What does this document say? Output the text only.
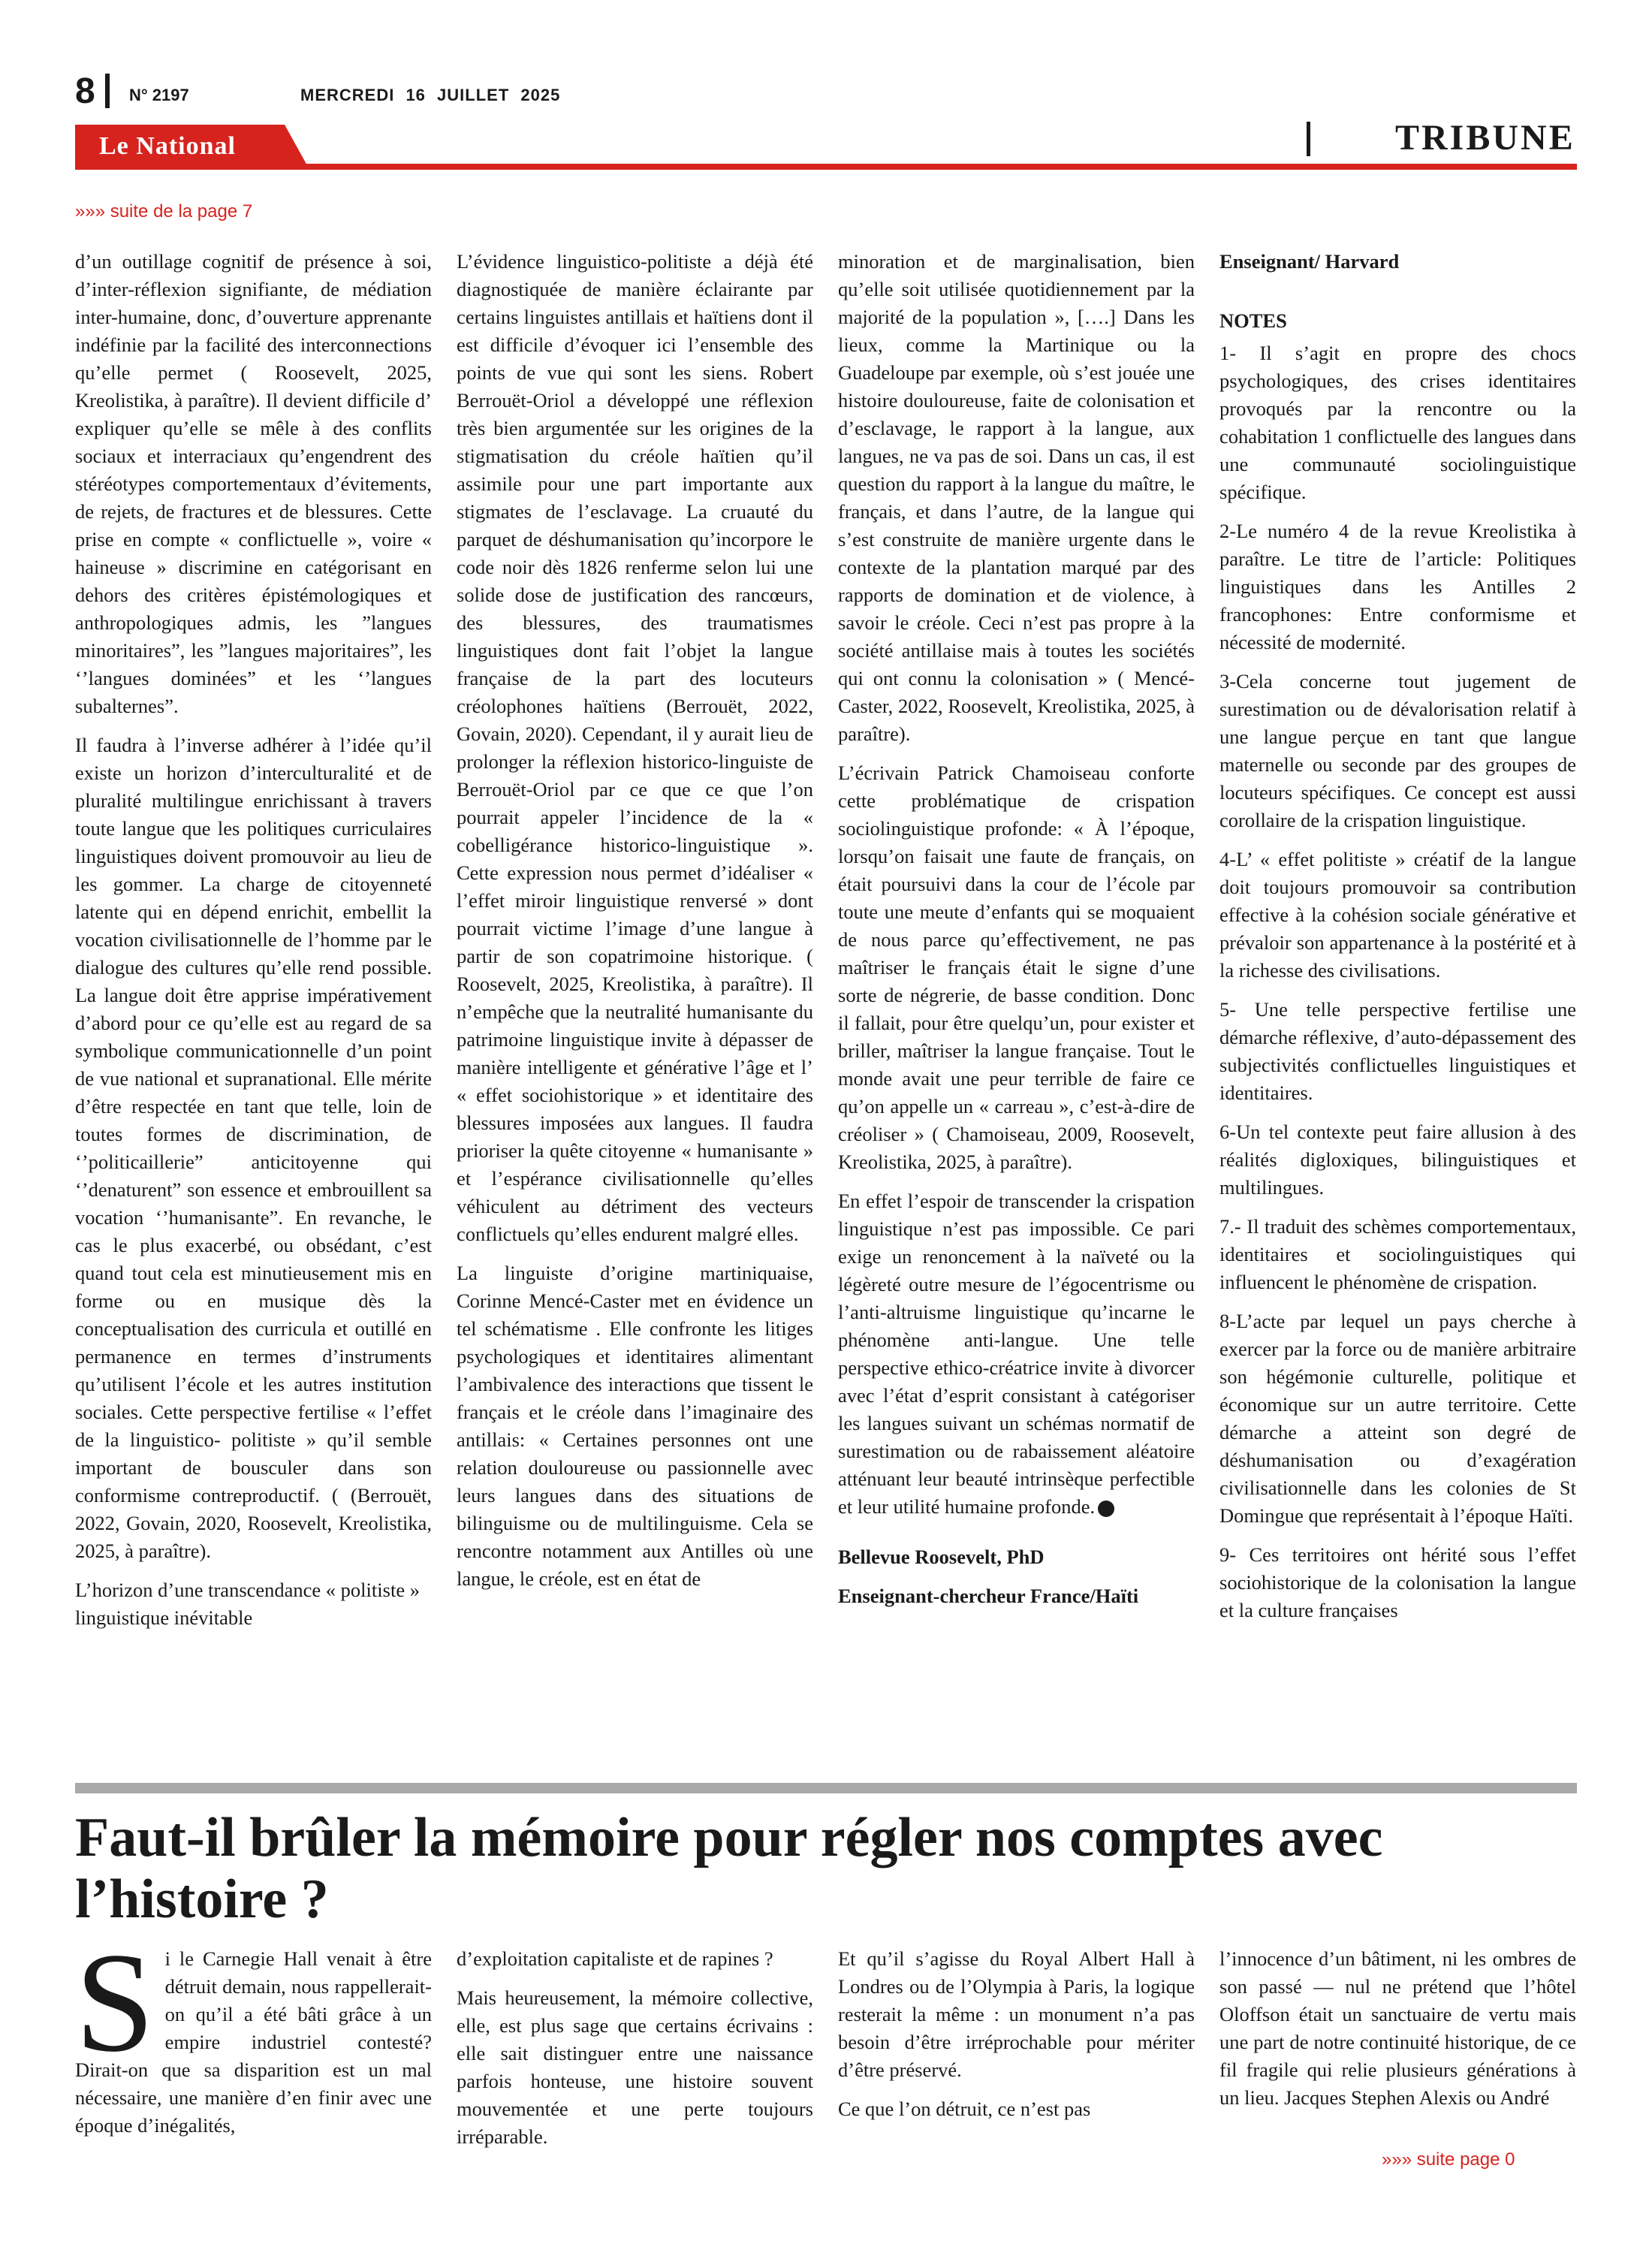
8 N° 2197	MERCREDI 16 JUILLET 2025
Le National	TRIBUNE
»»» suite de la page 7

d’un outillage cognitif de présence à soi, d’inter-réflexion signifiante, de médiation inter-humaine, donc, d’ouverture apprenante indéfinie par la facilité des interconnections qu’elle permet ( Roosevelt, 2025, Kreolistika, à paraître). Il devient difficile d’ expliquer qu’elle se mêle à des conflits sociaux et interraciaux qu’engendrent des stéréotypes comportementaux d’évitements, de rejets, de fractures et de blessures. Cette prise en compte « conflictuelle », voire « haineuse » discrimine en catégorisant en dehors des critères épistémologiques et anthropologiques admis, les ”langues minoritaires”, les ”langues majoritaires”, les ‘’langues dominées” et les ‘’langues subalternes”.

Il faudra à l’inverse adhérer à l’idée qu’il existe un horizon d’interculturalité et de pluralité multilingue enrichissant à travers toute langue que les politiques curriculaires linguistiques doivent promouvoir au lieu de les gommer. La charge de citoyenneté latente qui en dépend enrichit, embellit la vocation civilisationnelle de l’homme par le dialogue des cultures qu’elle rend possible. La langue doit être apprise impérativement d’abord pour ce qu’elle est au regard de sa symbolique communicationnelle d’un point de vue national et supranational. Elle mérite d’être respectée en tant que telle, loin de toutes formes de discrimination, de ‘’politicaillerie” anticitoyenne qui ‘’denaturent” son essence et embrouillent sa vocation ‘’humanisante”. En revanche, le cas le plus exacerbé, ou obsédant, c’est quand tout cela est minutieusement mis en forme ou en musique dès la conceptualisation des curricula et outillé en permanence en termes d’instruments qu’utilisent l’école et les autres institution sociales. Cette perspective fertilise « l’effet de la linguistico- politiste » qu’il semble important de bousculer dans son conformisme contreproductif. ( (Berrouët, 2022, Govain, 2020, Roosevelt, Kreolistika, 2025, à paraître).

L’horizon d’une transcendance « politiste » linguistique inévitable

L’évidence linguistico-politiste a déjà été diagnostiquée de manière éclairante par certains linguistes antillais et haïtiens dont il est difficile d’évoquer ici l’ensemble des points de vue qui sont les siens. Robert Berrouët-Oriol a développé une réflexion très bien argumentée sur les origines de la stigmatisation du créole haïtien qu’il assimile pour une part importante aux stigmates de l’esclavage. La cruauté du parquet de déshumanisation qu’incorpore le code noir dès 1826 renferme selon lui une solide dose de justification des rancœurs, des blessures, des traumatismes linguistiques dont fait l’objet la langue française de la part des locuteurs créolophones haïtiens (Berrouët, 2022, Govain, 2020). Cependant, il y aurait lieu de prolonger la réflexion historico-linguiste de Berrouët-Oriol par ce que ce que l’on pourrait appeler l’incidence de la « cobelligérance historico-linguistique ». Cette expression nous permet d’idéaliser « l’effet miroir linguistique renversé » dont pourrait victime l’image d’une langue à partir de son copatrimoine historique. ( Roosevelt, 2025, Kreolistika, à paraître). Il n’empêche que la neutralité humanisante du patrimoine linguistique invite à dépasser de manière intelligente et générative l’âge et l’ « effet sociohistorique » et identitaire des blessures imposées aux langues. Il faudra prioriser la quête citoyenne « humanisante » et l’espérance civilisationnelle qu’elles véhiculent au détriment des vecteurs conflictuels qu’elles endurent malgré elles.

La linguiste d’origine martiniquaise, Corinne Mencé-Caster met en évidence un tel schématisme . Elle confronte les litiges psychologiques et identitaires alimentant l’ambivalence des interactions que tissent le français et le créole dans l’imaginaire des antillais: « Certaines personnes ont une relation douloureuse ou passionnelle avec leurs langues dans des situations de bilinguisme ou de multilinguisme. Cela se rencontre notamment aux Antilles où une langue, le créole, est en état de

minoration et de marginalisation, bien qu’elle soit utilisée quotidiennement par la majorité de la population », [….] Dans les lieux, comme la Martinique ou la Guadeloupe par exemple, où s’est jouée une histoire douloureuse, faite de colonisation et d’esclavage, le rapport à la langue, aux langues, ne va pas de soi. Dans un cas, il est question du rapport à la langue du maître, le français, et dans l’autre, de la langue qui s’est construite de manière urgente dans le contexte de la plantation marqué par des rapports de domination et de violence, à savoir le créole. Ceci n’est pas propre à la société antillaise mais à toutes les sociétés qui ont connu la colonisation » ( Mencé-Caster, 2022, Roosevelt, Kreolistika, 2025, à paraître).

L’écrivain Patrick Chamoiseau conforte cette problématique de crispation sociolinguistique profonde: « À l’époque, lorsqu’on faisait une faute de français, on était poursuivi dans la cour de l’école par toute une meute d’enfants qui se moquaient de nous parce qu’effectivement, ne pas maîtriser le français était le signe d’une sorte de négrerie, de basse condition. Donc il fallait, pour être quelqu’un, pour exister et briller, maîtriser la langue française. Tout le monde avait une peur terrible de faire ce qu’on appelle un « carreau », c’est-à-dire de créoliser » ( Chamoiseau, 2009, Roosevelt, Kreolistika, 2025, à paraître).

En effet l’espoir de transcender la crispation linguistique n’est pas impossible. Ce pari exige un renoncement à la naïveté ou la légèreté outre mesure de l’égocentrisme ou l’anti-altruisme linguistique qu’incarne le phénomène anti-langue. Une telle perspective ethico-créatrice invite à divorcer avec l’état d’esprit consistant à catégoriser les langues suivant un schémas normatif de surestimation ou de rabaissement aléatoire atténuant leur beauté intrinsèque perfectible et leur utilité humaine profonde.

Bellevue Roosevelt, PhD

Enseignant-chercheur France/Haïti

Enseignant/ Harvard

NOTES

1- Il s’agit en propre des chocs psychologiques, des crises identitaires provoqués par la rencontre ou la cohabitation 1 conflictuelle des langues dans une communauté sociolinguistique spécifique.

2-Le numéro 4 de la revue Kreolistika à paraître. Le titre de l’article: Politiques linguistiques dans les Antilles 2 francophones: Entre conformisme et nécessité de modernité.

3-Cela concerne tout jugement de surestimation ou de dévalorisation relatif à une langue perçue en tant que langue maternelle ou seconde par des groupes de locuteurs spécifiques. Ce concept est aussi corollaire de la crispation linguistique.

4-L’ « effet politiste » créatif de la langue doit toujours promouvoir sa contribution effective à la cohésion sociale générative et prévaloir son appartenance à la postérité et à la richesse des civilisations.

5- Une telle perspective fertilise une démarche réflexive, d’auto-dépassement des subjectivités conflictuelles linguistiques et identitaires.

6-Un tel contexte peut faire allusion à des réalités digloxiques, bilinguistiques et multilingues.

7.- Il traduit des schèmes comportementaux, identitaires et sociolinguistiques qui influencent le phénomène de crispation.

8-L’acte par lequel un pays cherche à exercer par la force ou de manière arbitraire son hégémonie culturelle, politique et économique sur un autre territoire. Cette démarche a atteint son degré de déshumanisation ou d’exagération civilisationnelle dans les colonies de St Domingue que représentait à l’époque Haïti.

9- Ces territoires ont hérité sous l’effet sociohistorique de la colonisation la langue et la culture françaises

Faut-il brûler la mémoire pour régler nos comptes avec l’histoire ?

Si le Carnegie Hall venait à être détruit demain, nous rappellerait-on qu’il a été bâti grâce à un empire industriel contesté? Dirait-on que sa disparition est un mal nécessaire, une manière d’en finir avec une époque d’inégalités,

d’exploitation capitaliste et de rapines ?

Mais heureusement, la mémoire collective, elle, est plus sage que certains écrivains : elle sait distinguer entre une naissance parfois honteuse, une histoire souvent mouvementée et une perte toujours irréparable.

Et qu’il s’agisse du Royal Albert Hall à Londres ou de l’Olympia à Paris, la logique resterait la même : un monument n’a pas besoin d’être irréprochable pour mériter d’être préservé.

Ce que l’on détruit, ce n’est pas

l’innocence d’un bâtiment, ni les ombres de son passé — nul ne prétend que l’hôtel Oloffson était un sanctuaire de vertu mais une part de notre continuité historique, de ce fil fragile qui relie plusieurs générations à un lieu. Jacques Stephen Alexis ou André

»»» suite page 0
